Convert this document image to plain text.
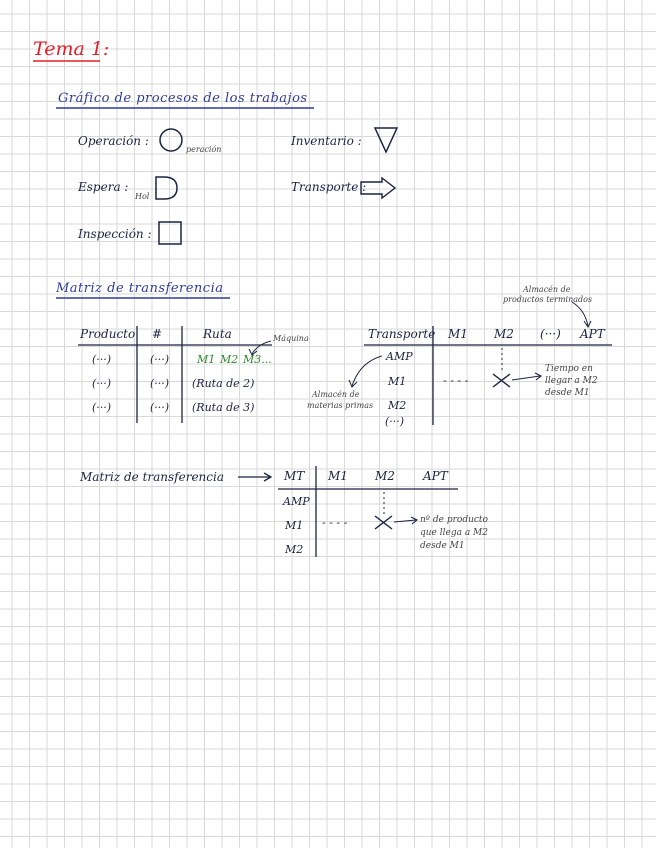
Tema 1:
Gráfico de procesos de los trabajos
Operación :
peración
Inventario :
Espera :
Hol
Transporte :
Inspección :
Matriz de transferencia
Producto #	Ruta
(···)	(···)	M1 M2 M3...
Máquina
(···)	(···) (Ruta de 2)
(···)	(···) (Ruta de 3)
Almacén de
productos terminados
Transporte M1 M2 (···) APT
AMP
M1
M2
(···)
- - - -
Almacén de
materias primas
Tiempo en
llegar a M2
desde M1
Matriz de transferencia	MT M1 M2 APT
AMP
M1
M2
- - - -	nº de producto
que llega a M2
desde M1
